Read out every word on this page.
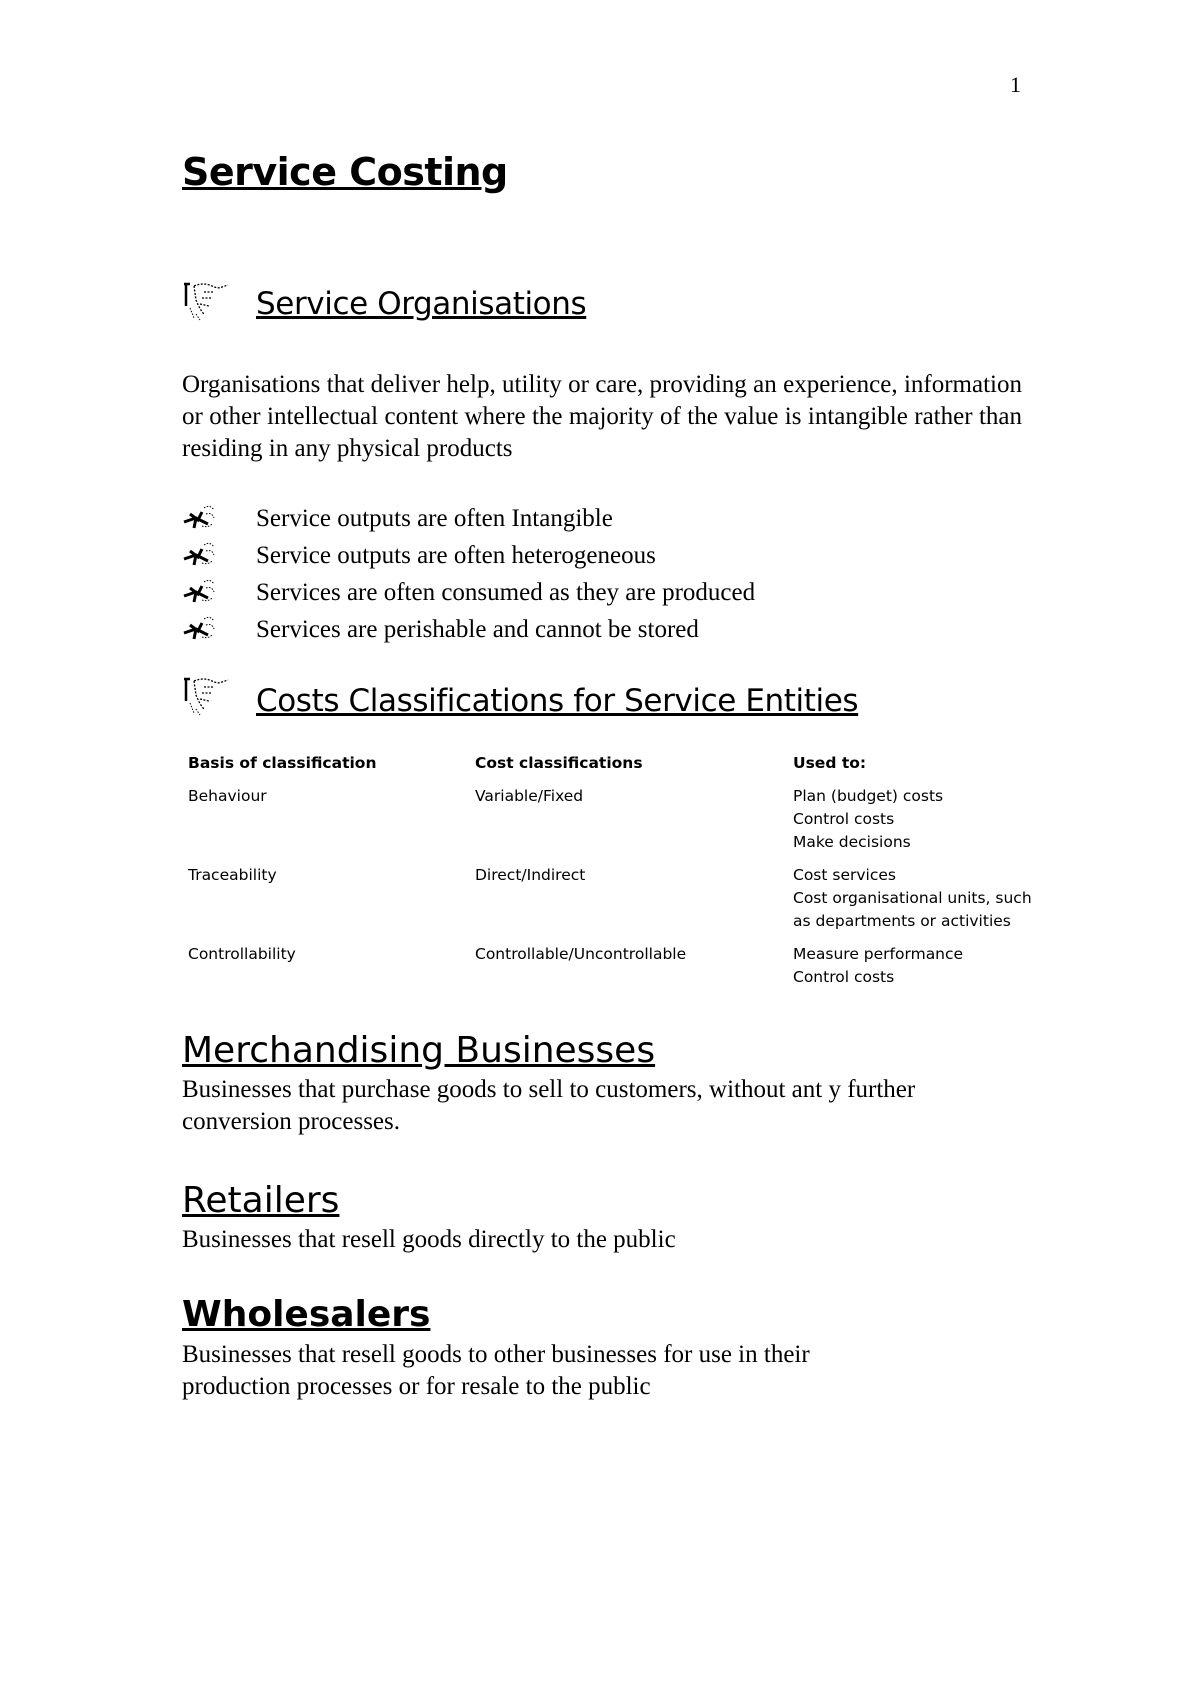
1
Service Costing
Service Organisations

Organisations that deliver help, utility or care, providing an experience, information or other intellectual content where the majority of the value is intangible rather than residing in any physical products

Service outputs are often Intangible
Service outputs are often heterogeneous
Services are often consumed as they are produced
Services are perishable and cannot be stored
Costs Classifications for Service Entities
Basis of classification	Cost classifications	Used to:
Behaviour	Variable/Fixed	Plan (budget) costs
Control costs
Make decisions

Traceability	Direct/Indirect	Cost services
Cost organisational units, such
as departments or activities

Controllability	Controllable/Uncontrollable	Measure performance
Control costs
Merchandising Businesses

Businesses that purchase goods to sell to customers, without ant y further conversion processes.

Retailers

Businesses that resell goods directly to the public

Wholesalers

Businesses that resell goods to other businesses for use in their production processes or for resale to the public
